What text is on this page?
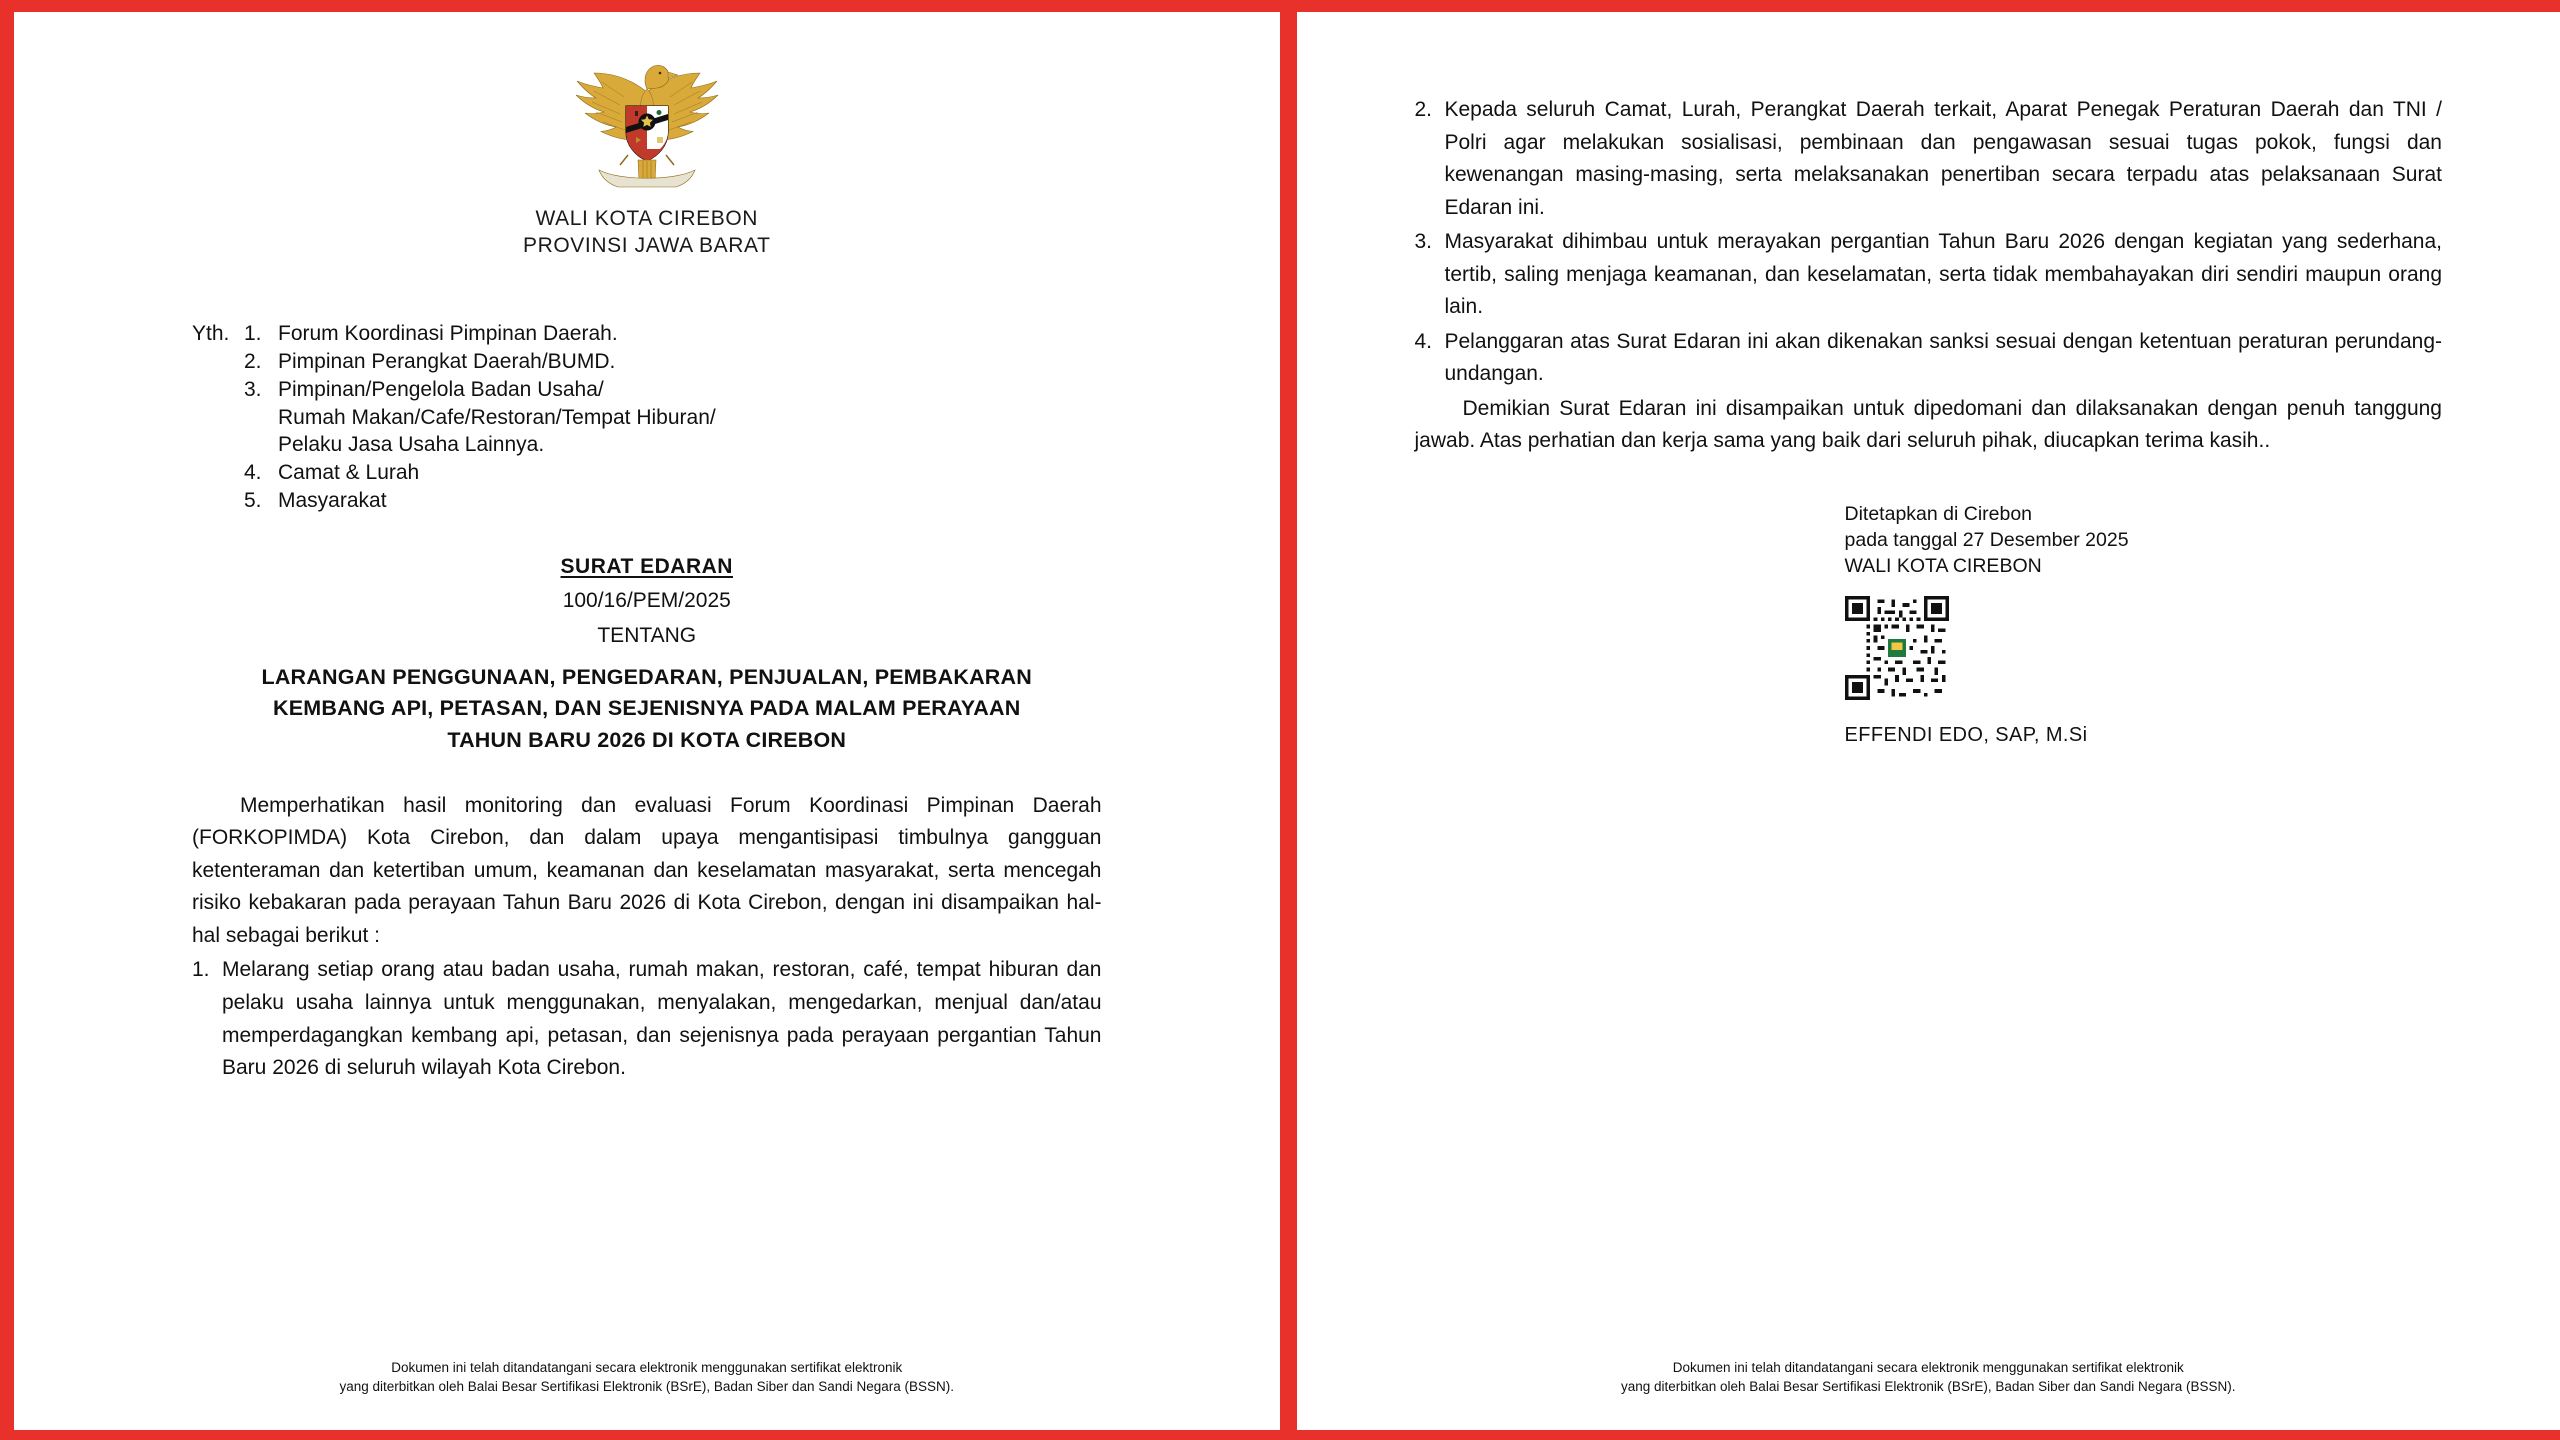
WALI KOTA CIREBON
PROVINSI JAWA BARAT
Yth. 1. Forum Koordinasi Pimpinan Daerah.
2. Pimpinan Perangkat Daerah/BUMD.
3. Pimpinan/Pengelola Badan Usaha/
Rumah Makan/Cafe/Restoran/Tempat Hiburan/
Pelaku Jasa Usaha Lainnya.
4. Camat & Lurah
5. Masyarakat
SURAT EDARAN
100/16/PEM/2025
TENTANG
LARANGAN PENGGUNAAN, PENGEDARAN, PENJUALAN, PEMBAKARAN
KEMBANG API, PETASAN, DAN SEJENISNYA PADA MALAM PERAYAAN
TAHUN BARU 2026 DI KOTA CIREBON

Memperhatikan hasil monitoring dan evaluasi Forum Koordinasi Pimpinan Daerah (FORKOPIMDA) Kota Cirebon, dan dalam upaya mengantisipasi timbulnya gangguan ketenteraman dan ketertiban umum, keamanan dan keselamatan masyarakat, serta mencegah risiko kebakaran pada perayaan Tahun Baru 2026 di Kota Cirebon, dengan ini disampaikan hal-hal sebagai berikut :

1. Melarang setiap orang atau badan usaha, rumah makan, restoran, café, tempat hiburan dan pelaku usaha lainnya untuk menggunakan, menyalakan, mengedarkan, menjual dan/atau memperdagangkan kembang api, petasan, dan sejenisnya pada perayaan pergantian Tahun Baru 2026 di seluruh wilayah Kota Cirebon.
Dokumen ini telah ditandatangani secara elektronik menggunakan sertifikat elektronik
yang diterbitkan oleh Balai Besar Sertifikasi Elektronik (BSrE), Badan Siber dan Sandi Negara (BSSN).
2. Kepada seluruh Camat, Lurah, Perangkat Daerah terkait, Aparat Penegak Peraturan Daerah dan TNI / Polri agar melakukan sosialisasi, pembinaan dan pengawasan sesuai tugas pokok, fungsi dan kewenangan masing-masing, serta melaksanakan penertiban secara terpadu atas pelaksanaan Surat Edaran ini.
3. Masyarakat dihimbau untuk merayakan pergantian Tahun Baru 2026 dengan kegiatan yang sederhana, tertib, saling menjaga keamanan, dan keselamatan, serta tidak membahayakan diri sendiri maupun orang lain.
4. Pelanggaran atas Surat Edaran ini akan dikenakan sanksi sesuai dengan ketentuan peraturan perundang-undangan.

Demikian Surat Edaran ini disampaikan untuk dipedomani dan dilaksanakan dengan penuh tanggung jawab. Atas perhatian dan kerja sama yang baik dari seluruh pihak, diucapkan terima kasih..

Ditetapkan di Cirebon
pada tanggal 27 Desember 2025
WALI KOTA CIREBON
EFFENDI EDO, SAP, M.Si
Dokumen ini telah ditandatangani secara elektronik menggunakan sertifikat elektronik
yang diterbitkan oleh Balai Besar Sertifikasi Elektronik (BSrE), Badan Siber dan Sandi Negara (BSSN).
